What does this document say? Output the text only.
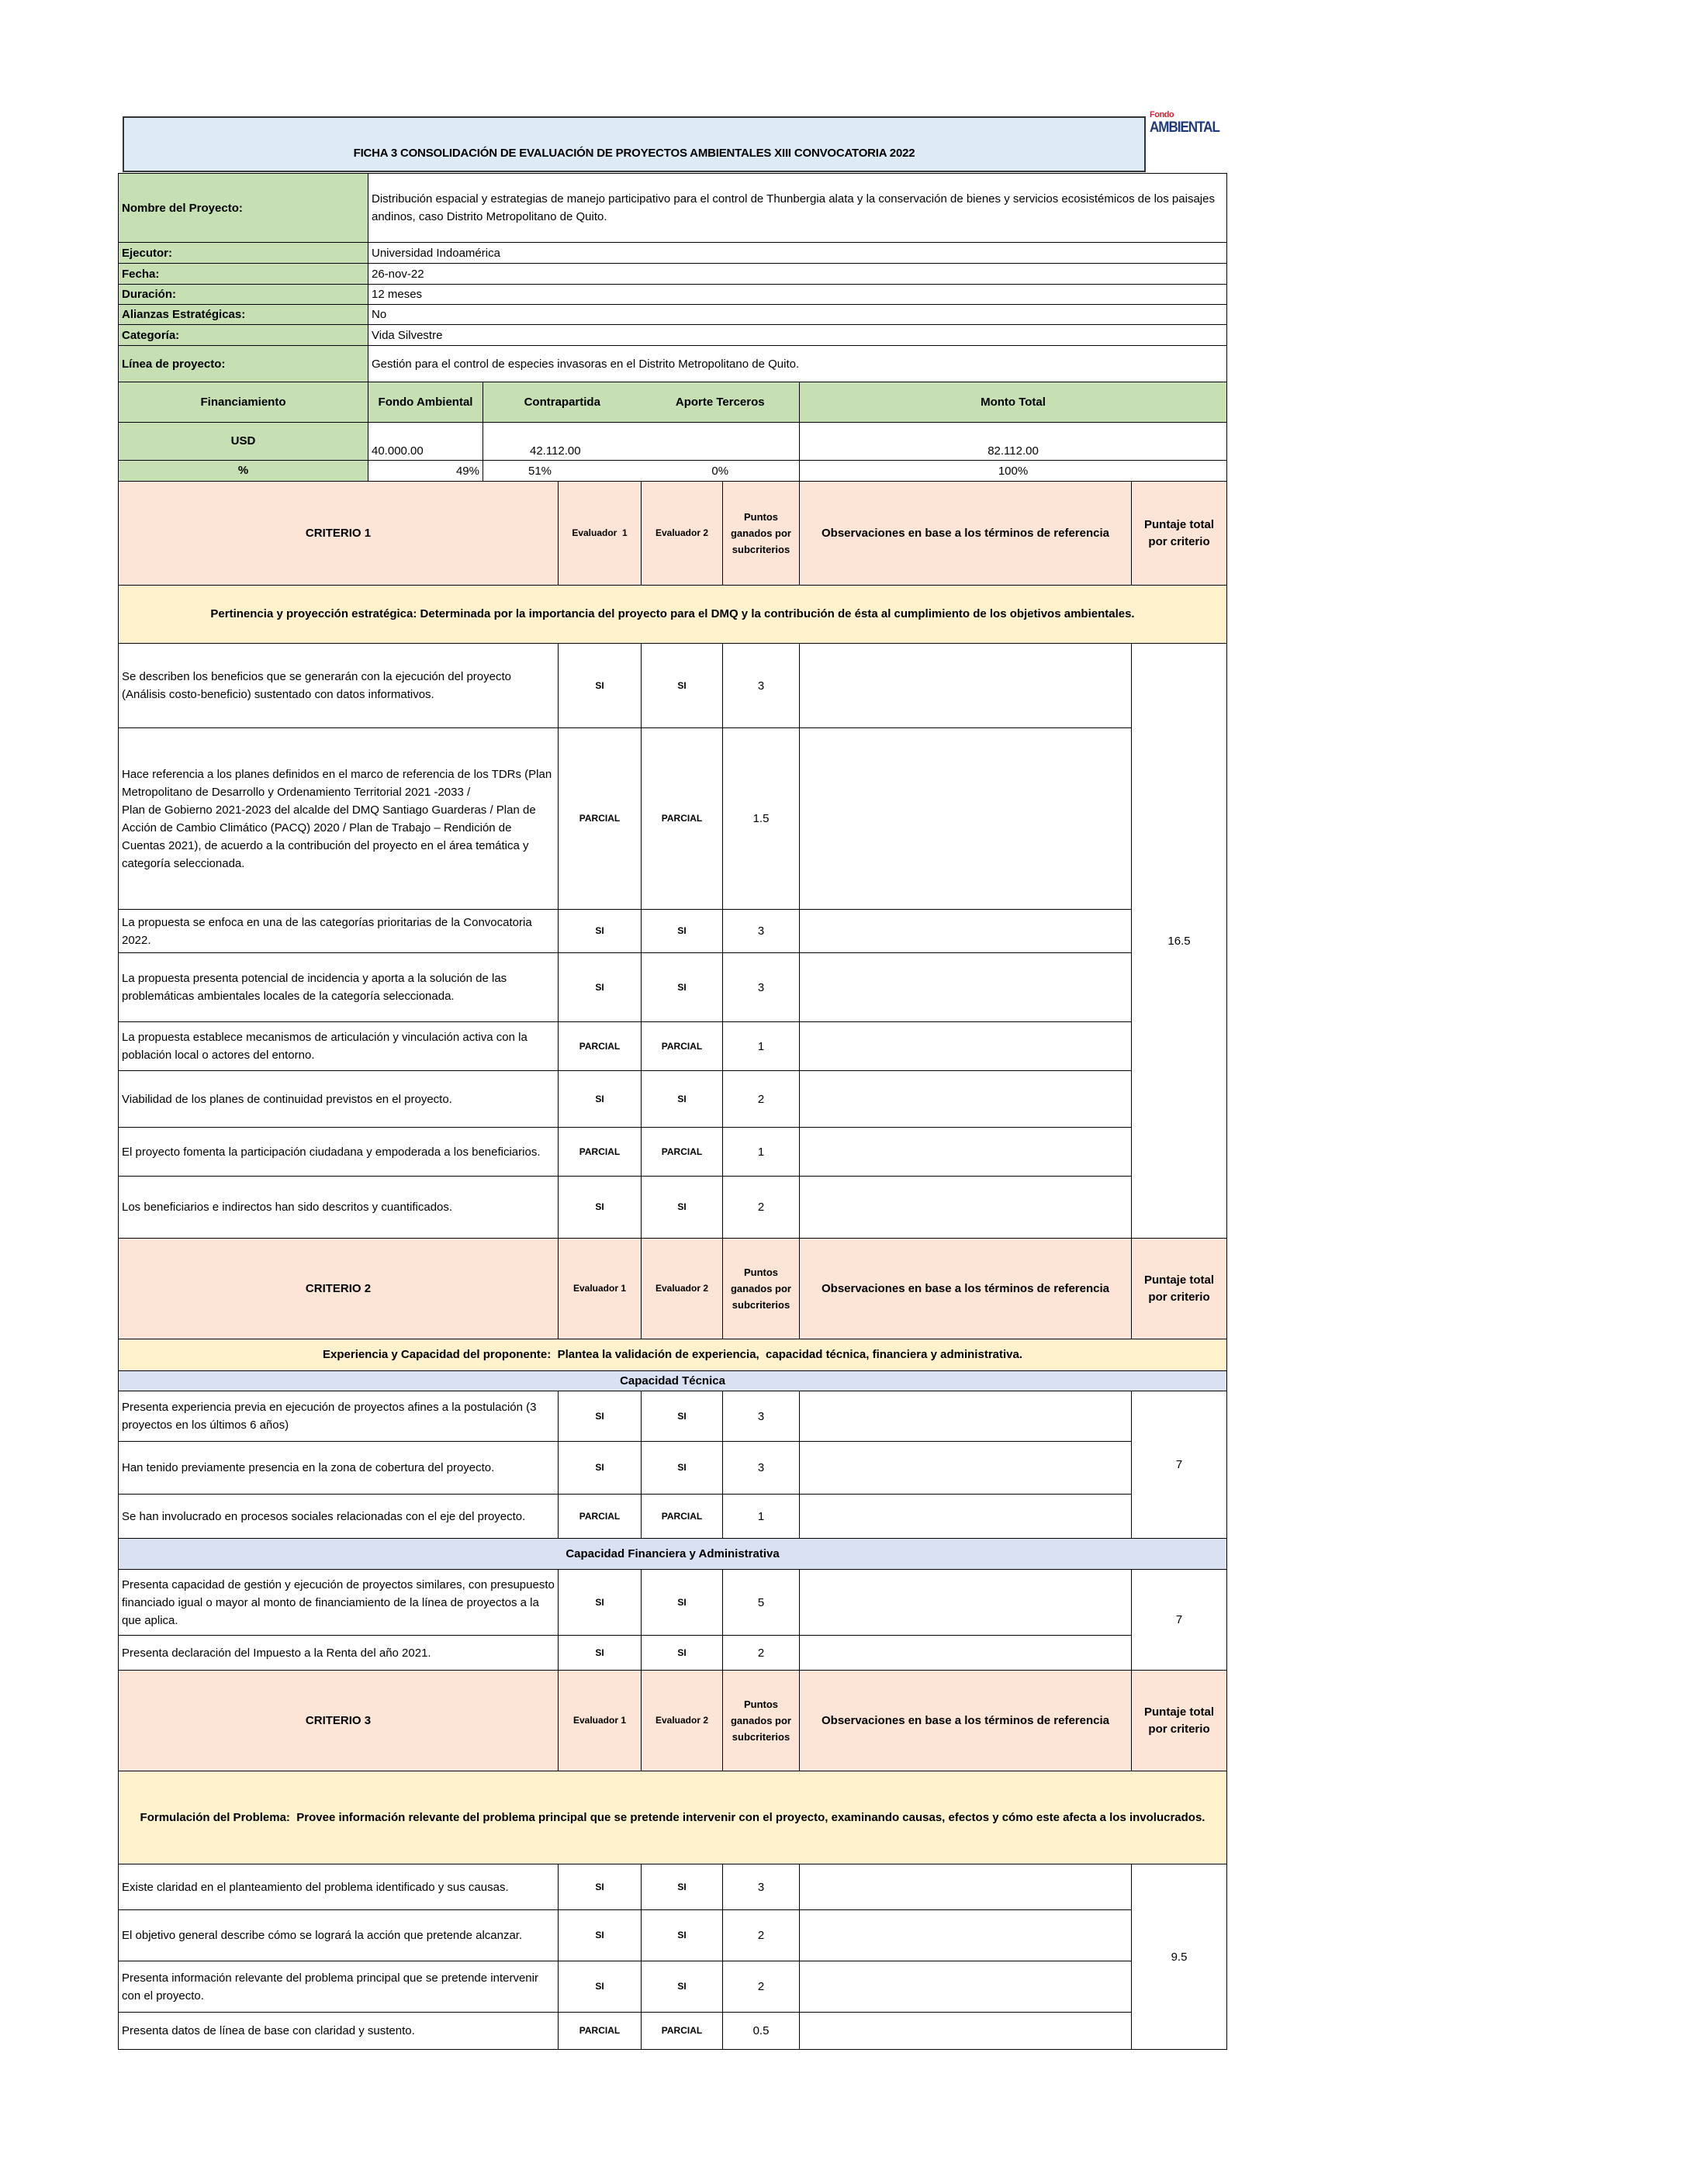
FICHA 3 CONSOLIDACIÓN DE EVALUACIÓN DE PROYECTOS AMBIENTALES XIII CONVOCATORIA 2022
Fondo
AMBIENTAL
Nombre del Proyecto:	Distribución espacial y estrategias de manejo participativo para el control de Thunbergia alata y la conservación de bienes y servicios ecosistémicos de los paisajes andinos, caso Distrito Metropolitano de Quito.						
Ejecutor:	Universidad Indoamérica						
Fecha:	26-nov-22						
Duración:	12 meses						
Alianzas Estratégicas:	No						
Categoría:	Vida Silvestre						
Línea de proyecto:	Gestión para el control de especies invasoras en el Distrito Metropolitano de Quito.						
Financiamiento	Fondo Ambiental	Contrapartida		Aporte Terceros		Monto Total	
USD	40.000.00	42.112.00				82.112.00	
%	49%	51%		0%		100%	
CRITERIO 1			Evaluador  1	Evaluador 2	Puntos ganados por subcriterios	Observaciones en base a los términos de referencia	Puntaje total por criterio
Pertinencia y proyección estratégica: Determinada por la importancia del proyecto para el DMQ y la contribución de ésta al cumplimiento de los objetivos ambientales.							
Se describen los beneficios que se generarán con la ejecución del proyecto (Análisis costo-beneficio) sustentado con datos informativos.			SI	SI	3		16.5
Hace referencia a los planes definidos en el marco de referencia de los TDRs (Plan Metropolitano de Desarrollo y Ordenamiento Territorial 2021 -2033 /
Plan de Gobierno 2021-2023 del alcalde del DMQ Santiago Guarderas / Plan de Acción de Cambio Climático (PACQ) 2020 / Plan de Trabajo – Rendición de Cuentas 2021), de acuerdo a la contribución del proyecto en el área temática y categoría seleccionada.			PARCIAL	PARCIAL	1.5		
La propuesta se enfoca en una de las categorías prioritarias de la Convocatoria 2022.			SI	SI	3		
La propuesta presenta potencial de incidencia y aporta a la solución de las problemáticas ambientales locales de la categoría seleccionada.			SI	SI	3		
La propuesta establece mecanismos de articulación y vinculación activa con la población local o actores del entorno.			PARCIAL	PARCIAL	1		
Viabilidad de los planes de continuidad previstos en el proyecto.			SI	SI	2		
El proyecto fomenta la participación ciudadana y empoderada a los beneficiarios.			PARCIAL	PARCIAL	1		
Los beneficiarios e indirectos han sido descritos y cuantificados.			SI	SI	2		
CRITERIO 2			Evaluador 1	Evaluador 2	Puntos ganados por subcriterios	Observaciones en base a los términos de referencia	Puntaje total por criterio
Experiencia y Capacidad del proponente:  Plantea la validación de experiencia,  capacidad técnica, financiera y administrativa.							
Capacidad Técnica							
Presenta experiencia previa en ejecución de proyectos afines a la postulación (3 proyectos en los últimos 6 años)			SI	SI	3		7
Han tenido previamente presencia en la zona de cobertura del proyecto.			SI	SI	3		
Se han involucrado en procesos sociales relacionadas con el eje del proyecto.			PARCIAL	PARCIAL	1		
Capacidad Financiera y Administrativa							
Presenta capacidad de gestión y ejecución de proyectos similares, con presupuesto financiado igual o mayor al monto de financiamiento de la línea de proyectos a la que aplica.			SI	SI	5		7
Presenta declaración del Impuesto a la Renta del año 2021.			SI	SI	2		
CRITERIO 3			Evaluador 1	Evaluador 2	Puntos ganados por subcriterios	Observaciones en base a los términos de referencia	Puntaje total por criterio
Formulación del Problema:  Provee información relevante del problema principal que se pretende intervenir con el proyecto, examinando causas, efectos y cómo este afecta a los involucrados.							
Existe claridad en el planteamiento del problema identificado y sus causas.			SI	SI	3		9.5
El objetivo general describe cómo se logrará la acción que pretende alcanzar.			SI	SI	2		
Presenta información relevante del problema principal que se pretende intervenir con el proyecto.			SI	SI	2		
Presenta datos de línea de base con claridad y sustento.			PARCIAL	PARCIAL	0.5		
